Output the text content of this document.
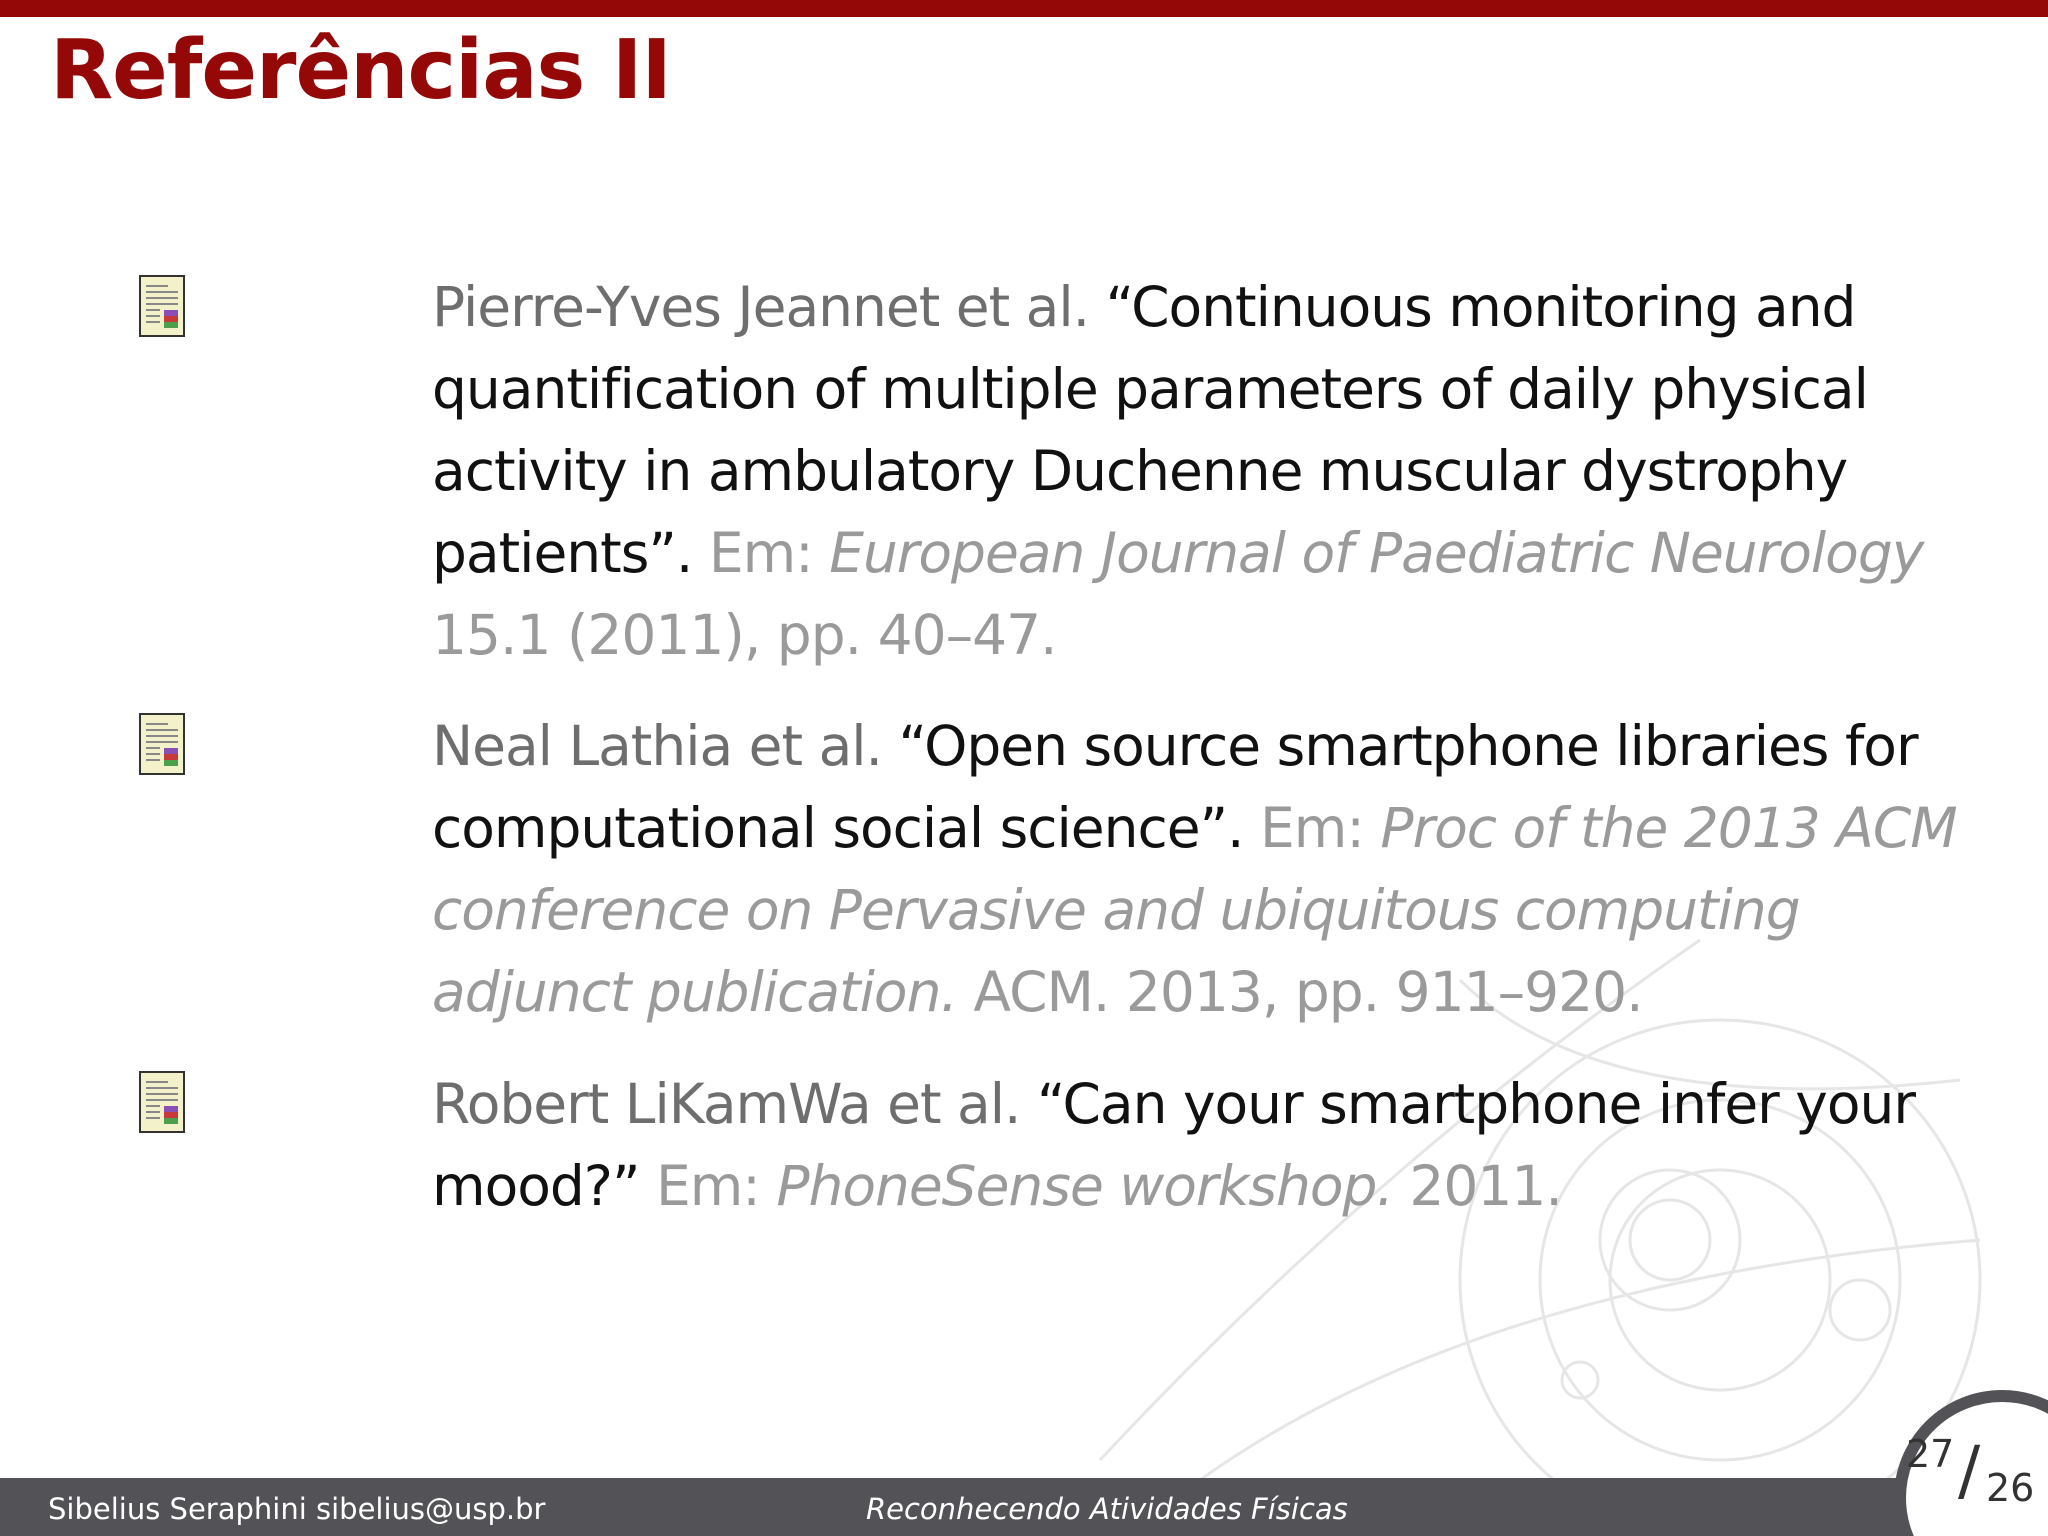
Referências II
Pierre-Yves Jeannet et al. “Continuous monitoring and quantification of multiple parameters of daily physical activity in ambulatory Duchenne muscular dystrophy patients”. Em: European Journal of Paediatric Neurology 15.1 (2011), pp. 40–47.
Neal Lathia et al. “Open source smartphone libraries for computational social science”. Em: Proc of the 2013 ACM conference on Pervasive and ubiquitous computing adjunct publication. ACM. 2013, pp. 911–920.
Robert LiKamWa et al. “Can your smartphone infer your mood?” Em: PhoneSense workshop. 2011.
Sibelius Seraphini sibelius@usp.br	Reconhecendo Atividades Físicas
27 / 26
